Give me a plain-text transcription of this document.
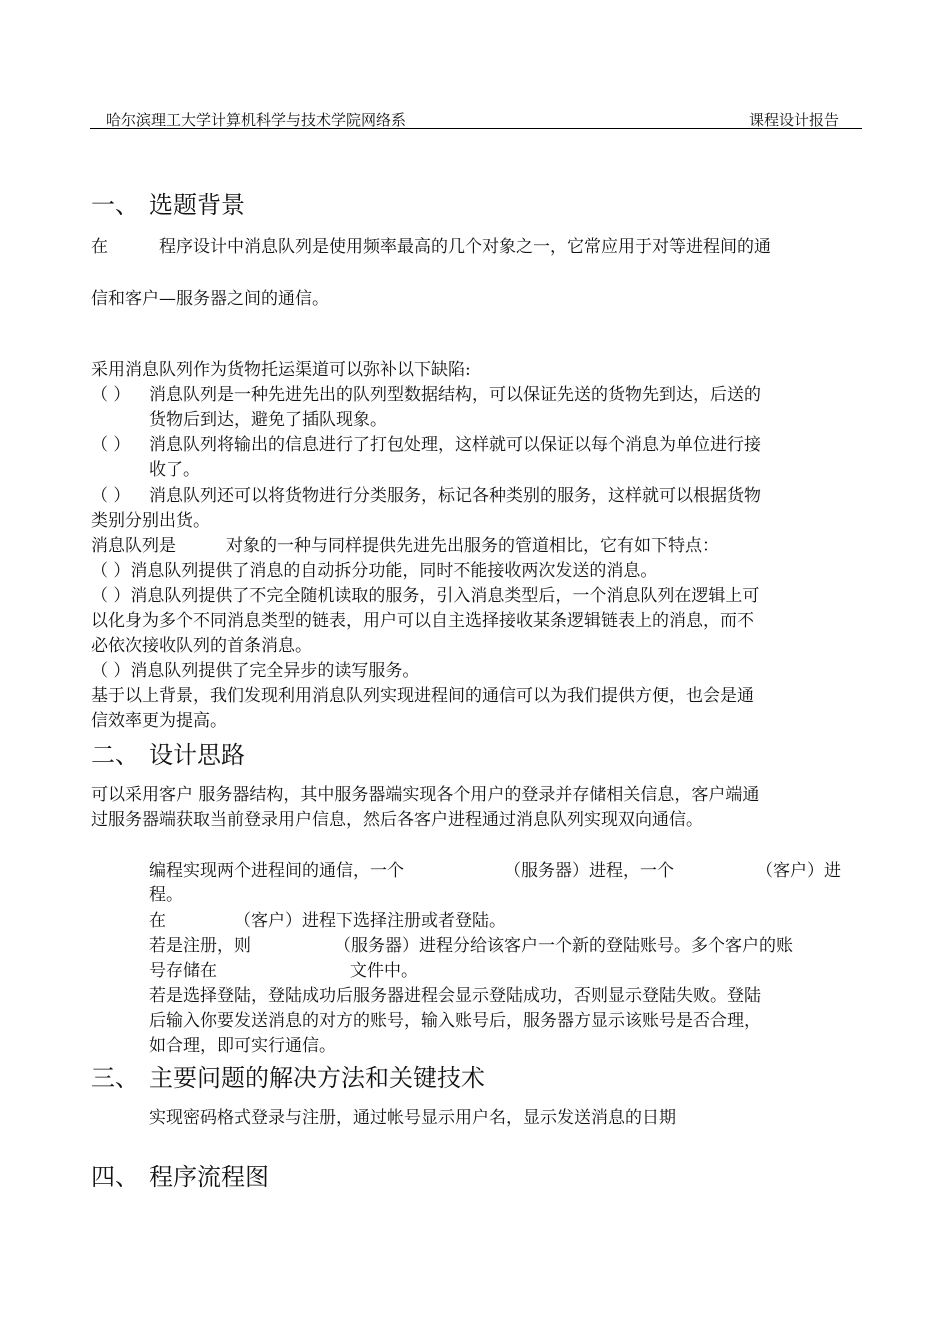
哈尔滨理工大学计算机科学与技术学院网络系	课程设计报告
一、 选题背景
在	程序设计中消息队列是使用频率最高的几个对象之一，它常应用于对等进程间的通
信和客户—服务器之间的通信。
采用消息队列作为货物托运渠道可以弥补以下缺陷:
（ ） 消息队列是一种先进先出的队列型数据结构，可以保证先送的货物先到达，后送的
货物后到达，避免了插队现象。
（ ） 消息队列将输出的信息进行了打包处理，这样就可以保证以每个消息为单位进行接
收了。
（ ） 消息队列还可以将货物进行分类服务，标记各种类别的服务，这样就可以根据货物
类别分别出货。
消息队列是	对象的一种与同样提供先进先出服务的管道相比，它有如下特点：
（ ）消息队列提供了消息的自动拆分功能，同时不能接收两次发送的消息。
（ ）消息队列提供了不完全随机读取的服务，引入消息类型后，一个消息队列在逻辑上可
以化身为多个不同消息类型的链表，用户可以自主选择接收某条逻辑链表上的消息，而不
必依次接收队列的首条消息。
（ ）消息队列提供了完全异步的读写服务。
基于以上背景，我们发现利用消息队列实现进程间的通信可以为我们提供方便，也会是通
信效率更为提高。
二、 设计思路
可以采用客户 服务器结构，其中服务器端实现各个用户的登录并存储相关信息，客户端通
过服务器端获取当前登录用户信息，然后各客户进程通过消息队列实现双向通信。
编程实现两个进程间的通信，一个	（服务器）进程，一个	（客户）进
程。
在	（客户）进程下选择注册或者登陆。
若是注册，则	（服务器）进程分给该客户一个新的登陆账号。多个客户的账
号存储在	文件中。
若是选择登陆，登陆成功后服务器进程会显示登陆成功，否则显示登陆失败。登陆
后输入你要发送消息的对方的账号，输入账号后，服务器方显示该账号是否合理，
如合理，即可实行通信。
三、 主要问题的解决方法和关键技术
实现密码格式登录与注册，通过帐号显示用户名，显示发送消息的日期
四、 程序流程图
